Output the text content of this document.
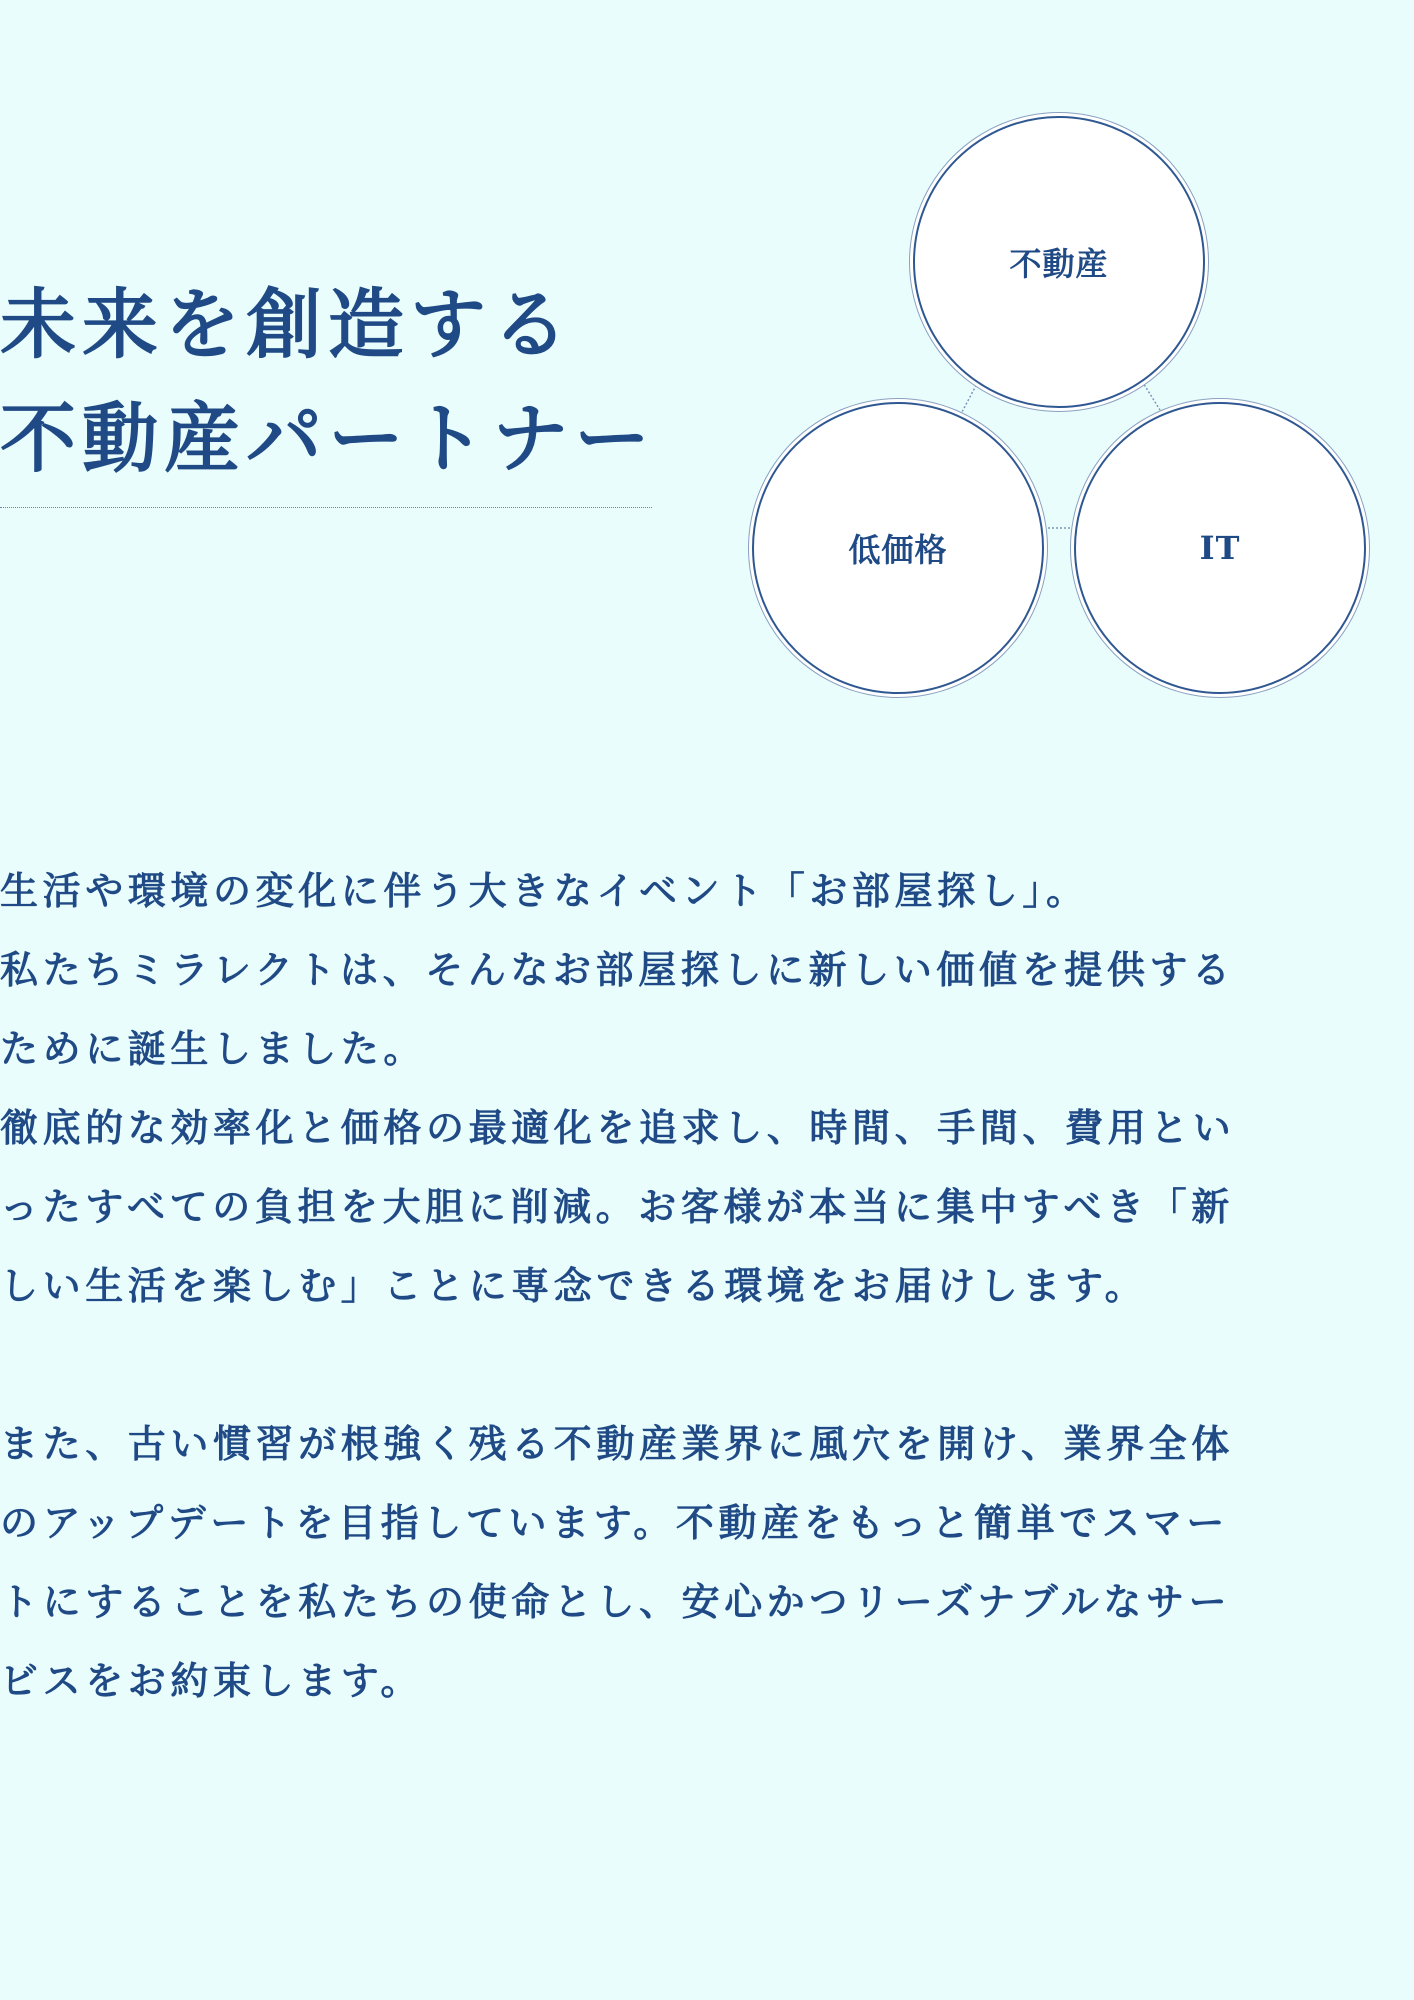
未来を創造する
不動産パートナー
不動産
低価格	IT
生活や環境の変化に伴う大きなイベント「お部屋探し」。
私たちミラレクトは、そんなお部屋探しに新しい価値を提供する
ために誕生しました。
徹底的な効率化と価格の最適化を追求し、時間、手間、費用とい
ったすべての負担を大胆に削減。お客様が本当に集中すべき「新
しい生活を楽しむ」ことに専念できる環境をお届けします。
また、古い慣習が根強く残る不動産業界に風穴を開け、業界全体
のアップデートを目指しています。不動産をもっと簡単でスマー
トにすることを私たちの使命とし、安心かつリーズナブルなサー
ビスをお約束します。
